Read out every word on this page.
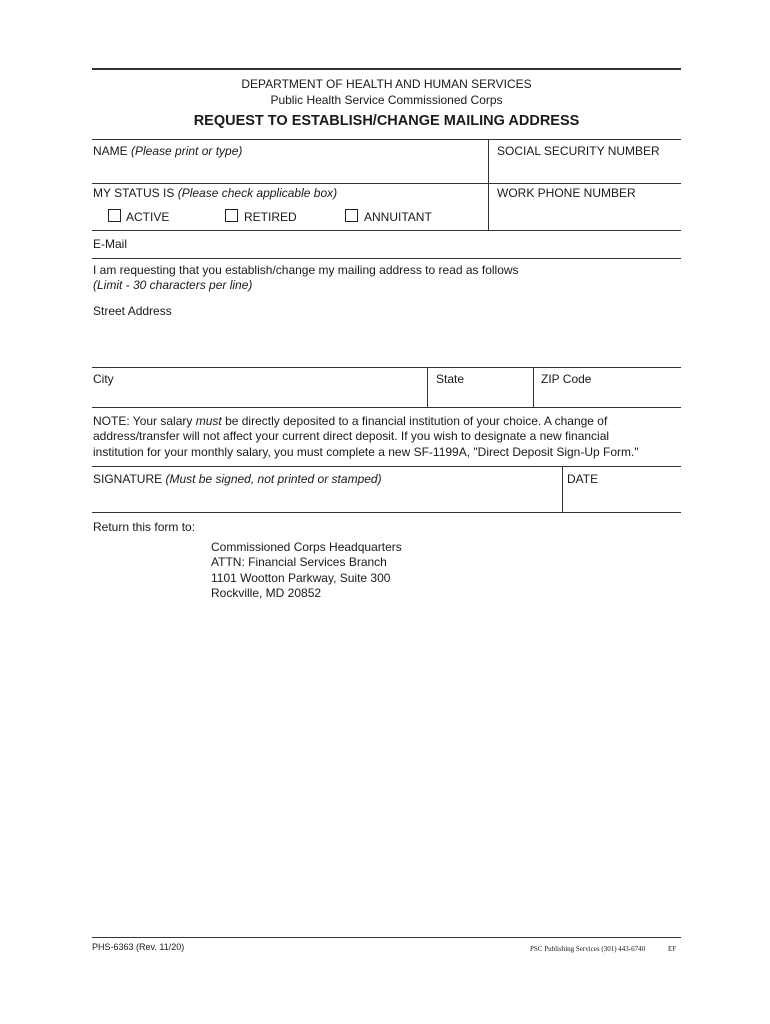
DEPARTMENT OF HEALTH AND HUMAN SERVICES
Public Health Service Commissioned Corps
REQUEST TO ESTABLISH/CHANGE MAILING ADDRESS
NAME (Please print or type)	SOCIAL SECURITY NUMBER
MY STATUS IS (Please check applicable box)	WORK PHONE NUMBER
ACTIVE	RETIRED	ANNUITANT
E-Mail
I am requesting that you establish/change my mailing address to read as follows
(Limit - 30 characters per line)
Street Address
City	State	ZIP Code
NOTE: Your salary must be directly deposited to a financial institution of your choice. A change of
address/transfer will not affect your current direct deposit. If you wish to designate a new financial
institution for your monthly salary, you must complete a new SF-1199A, "Direct Deposit Sign-Up Form."
SIGNATURE (Must be signed, not printed or stamped)	DATE
Return this form to:
Commissioned Corps Headquarters
ATTN: Financial Services Branch
1101 Wootton Parkway, Suite 300
Rockville, MD 20852
PHS-6363 (Rev. 11/20)	PSC Publishing Services (301) 443-6740	EF
